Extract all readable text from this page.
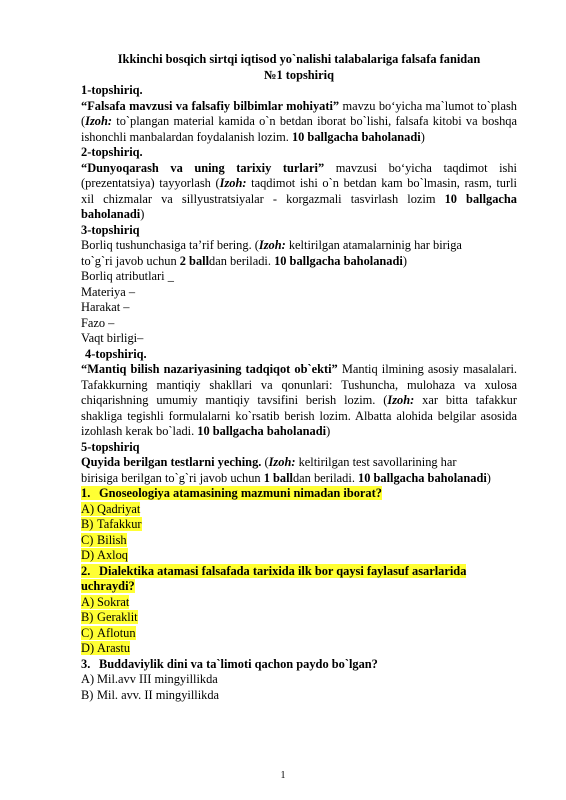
Ikkinchi bosqich sirtqi iqtisod yo`nalishi talabalariga falsafa fanidan
№1 topshiriq
1-topshiriq.
“Falsafa mavzusi va falsafiy bilbimlar mohiyati” mavzu bo‘yicha ma`lumot to`plash (Izoh: to`plangan material kamida o`n betdan iborat bo`lishi, falsafa kitobi va boshqa ishonchli manbalardan foydalanish lozim. 10 ballgacha baholanadi)
2-topshiriq.
“Dunyoqarash va uning tarixiy turlari” mavzusi bo‘yicha taqdimot ishi (prezentatsiya) tayyorlash (Izoh: taqdimot ishi o`n betdan kam bo`lmasin, rasm, turli xil chizmalar va sillyustratsiyalar - korgazmali tasvirlash lozim 10 ballgacha baholanadi)
3-topshiriq
Borliq tushunchasiga ta’rif bering. (Izoh: keltirilgan atamalarninig har biriga
to`g`ri javob uchun 2 balldan beriladi. 10 ballgacha baholanadi)
Borliq atributlari _
Materiya –
Harakat –
Fazo –
Vaqt birligi–
4-topshiriq.
“Mantiq bilish nazariyasining tadqiqot ob`ekti” Mantiq ilmining asosiy masalalari. Tafakkurning mantiqiy shakllari va qonunlari: Tushuncha, mulohaza va xulosa chiqarishning umumiy mantiqiy tavsifini berish lozim. (Izoh: xar bitta tafakkur shakliga tegishli formulalarni ko`rsatib berish lozim. Albatta alohida belgilar asosida izohlash kerak bo`ladi. 10 ballgacha baholanadi)
5-topshiriq
Quyida berilgan testlarni yeching. (Izoh: keltirilgan test savollarining har
birisiga berilgan to`g`ri javob uchun 1 balldan beriladi. 10 ballgacha baholanadi)
1. Gnoseologiya atamasining mazmuni nimadan iborat?
A) Qadriyat
B) Tafakkur
C) Bilish
D) Axloq
2. Dialektika atamasi falsafada tarixida ilk bor qaysi faylasuf asarlarida
uchraydi?
A) Sokrat
B) Geraklit
C) Aflotun
D) Arastu
3. Buddaviylik dini va ta`limoti qachon paydo bo`lgan?
A) Mil.avv III mingyillikda
B) Mil. avv. II mingyillikda
1
